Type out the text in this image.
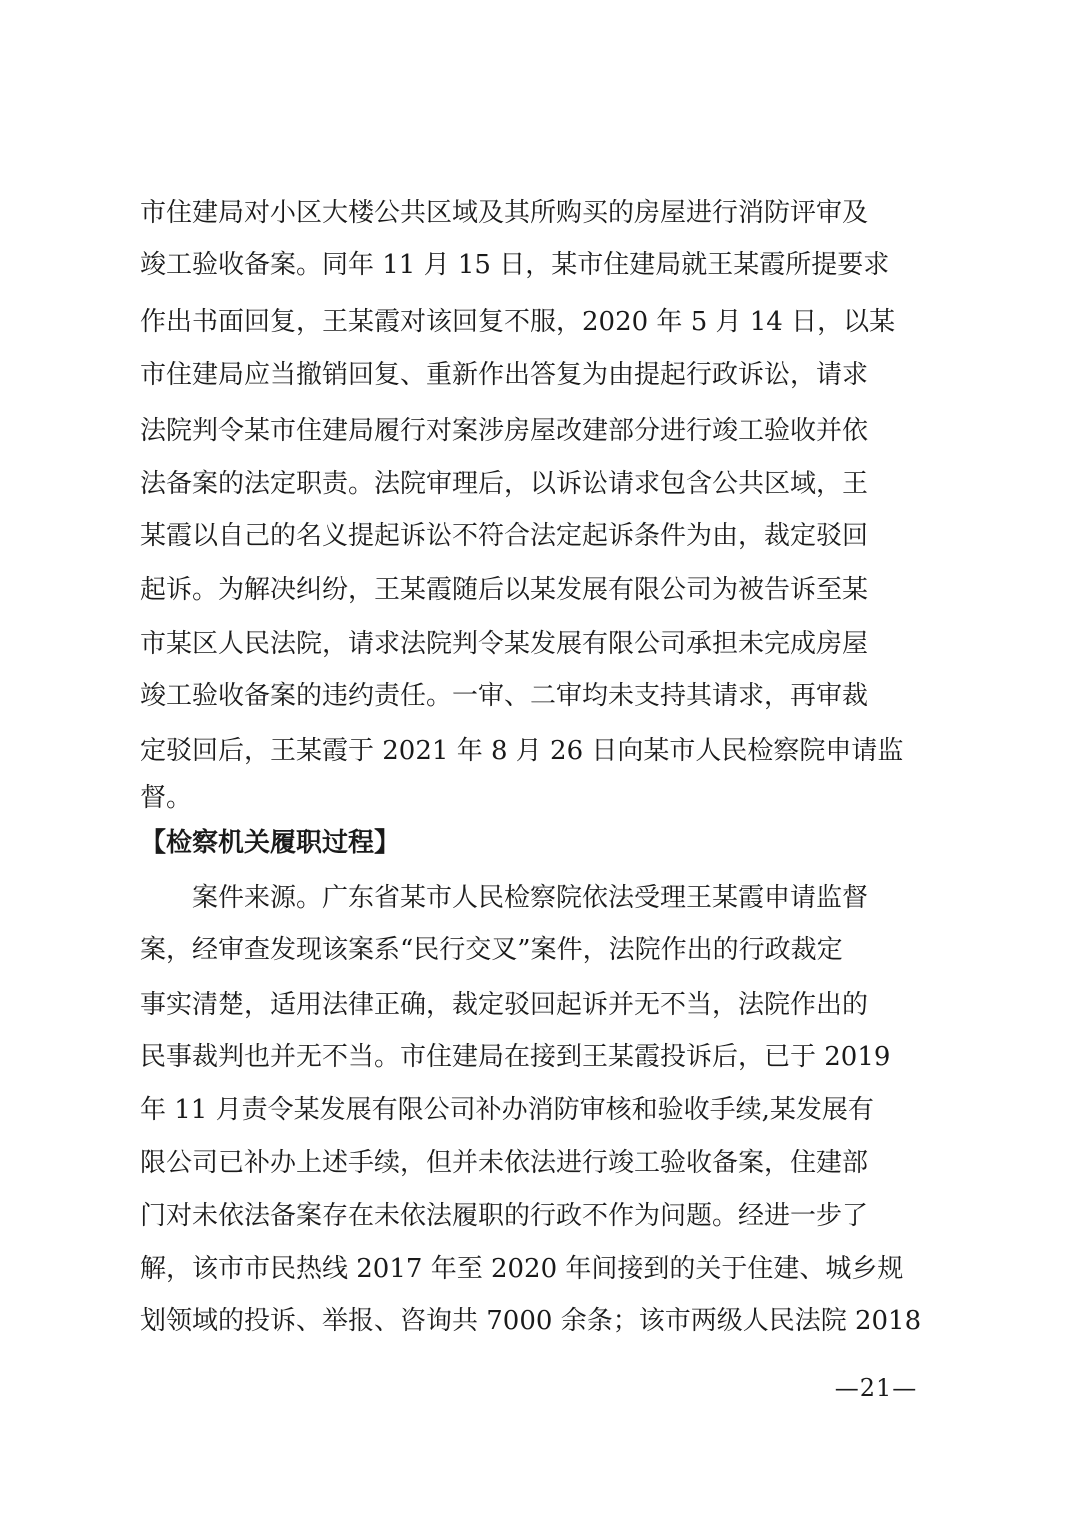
市住建局对小区大楼公共区域及其所购买的房屋进行消防评审及
竣工验收备案。同年 11 月 15 日，某市住建局就王某霞所提要求
作出书面回复，王某霞对该回复不服，2020 年 5 月 14 日，以某
市住建局应当撤销回复、重新作出答复为由提起行政诉讼，请求
法院判令某市住建局履行对案涉房屋改建部分进行竣工验收并依
法备案的法定职责。法院审理后，以诉讼请求包含公共区域，王
某霞以自己的名义提起诉讼不符合法定起诉条件为由，裁定驳回
起诉。为解决纠纷，王某霞随后以某发展有限公司为被告诉至某
市某区人民法院，请求法院判令某发展有限公司承担未完成房屋
竣工验收备案的违约责任。一审、二审均未支持其请求，再审裁
定驳回后，王某霞于 2021 年 8 月 26 日向某市人民检察院申请监
督。
【检察机关履职过程】
　　案件来源。广东省某市人民检察院依法受理王某霞申请监督
案，经审查发现该案系“民行交叉”案件，法院作出的行政裁定
事实清楚，适用法律正确，裁定驳回起诉并无不当，法院作出的
民事裁判也并无不当。市住建局在接到王某霞投诉后，已于 2019
年 11 月责令某发展有限公司补办消防审核和验收手续,某发展有
限公司已补办上述手续，但并未依法进行竣工验收备案，住建部
门对未依法备案存在未依法履职的行政不作为问题。经进一步了
解，该市市民热线 2017 年至 2020 年间接到的关于住建、城乡规
划领域的投诉、举报、咨询共 7000 余条；该市两级人民法院 2018
—21—
